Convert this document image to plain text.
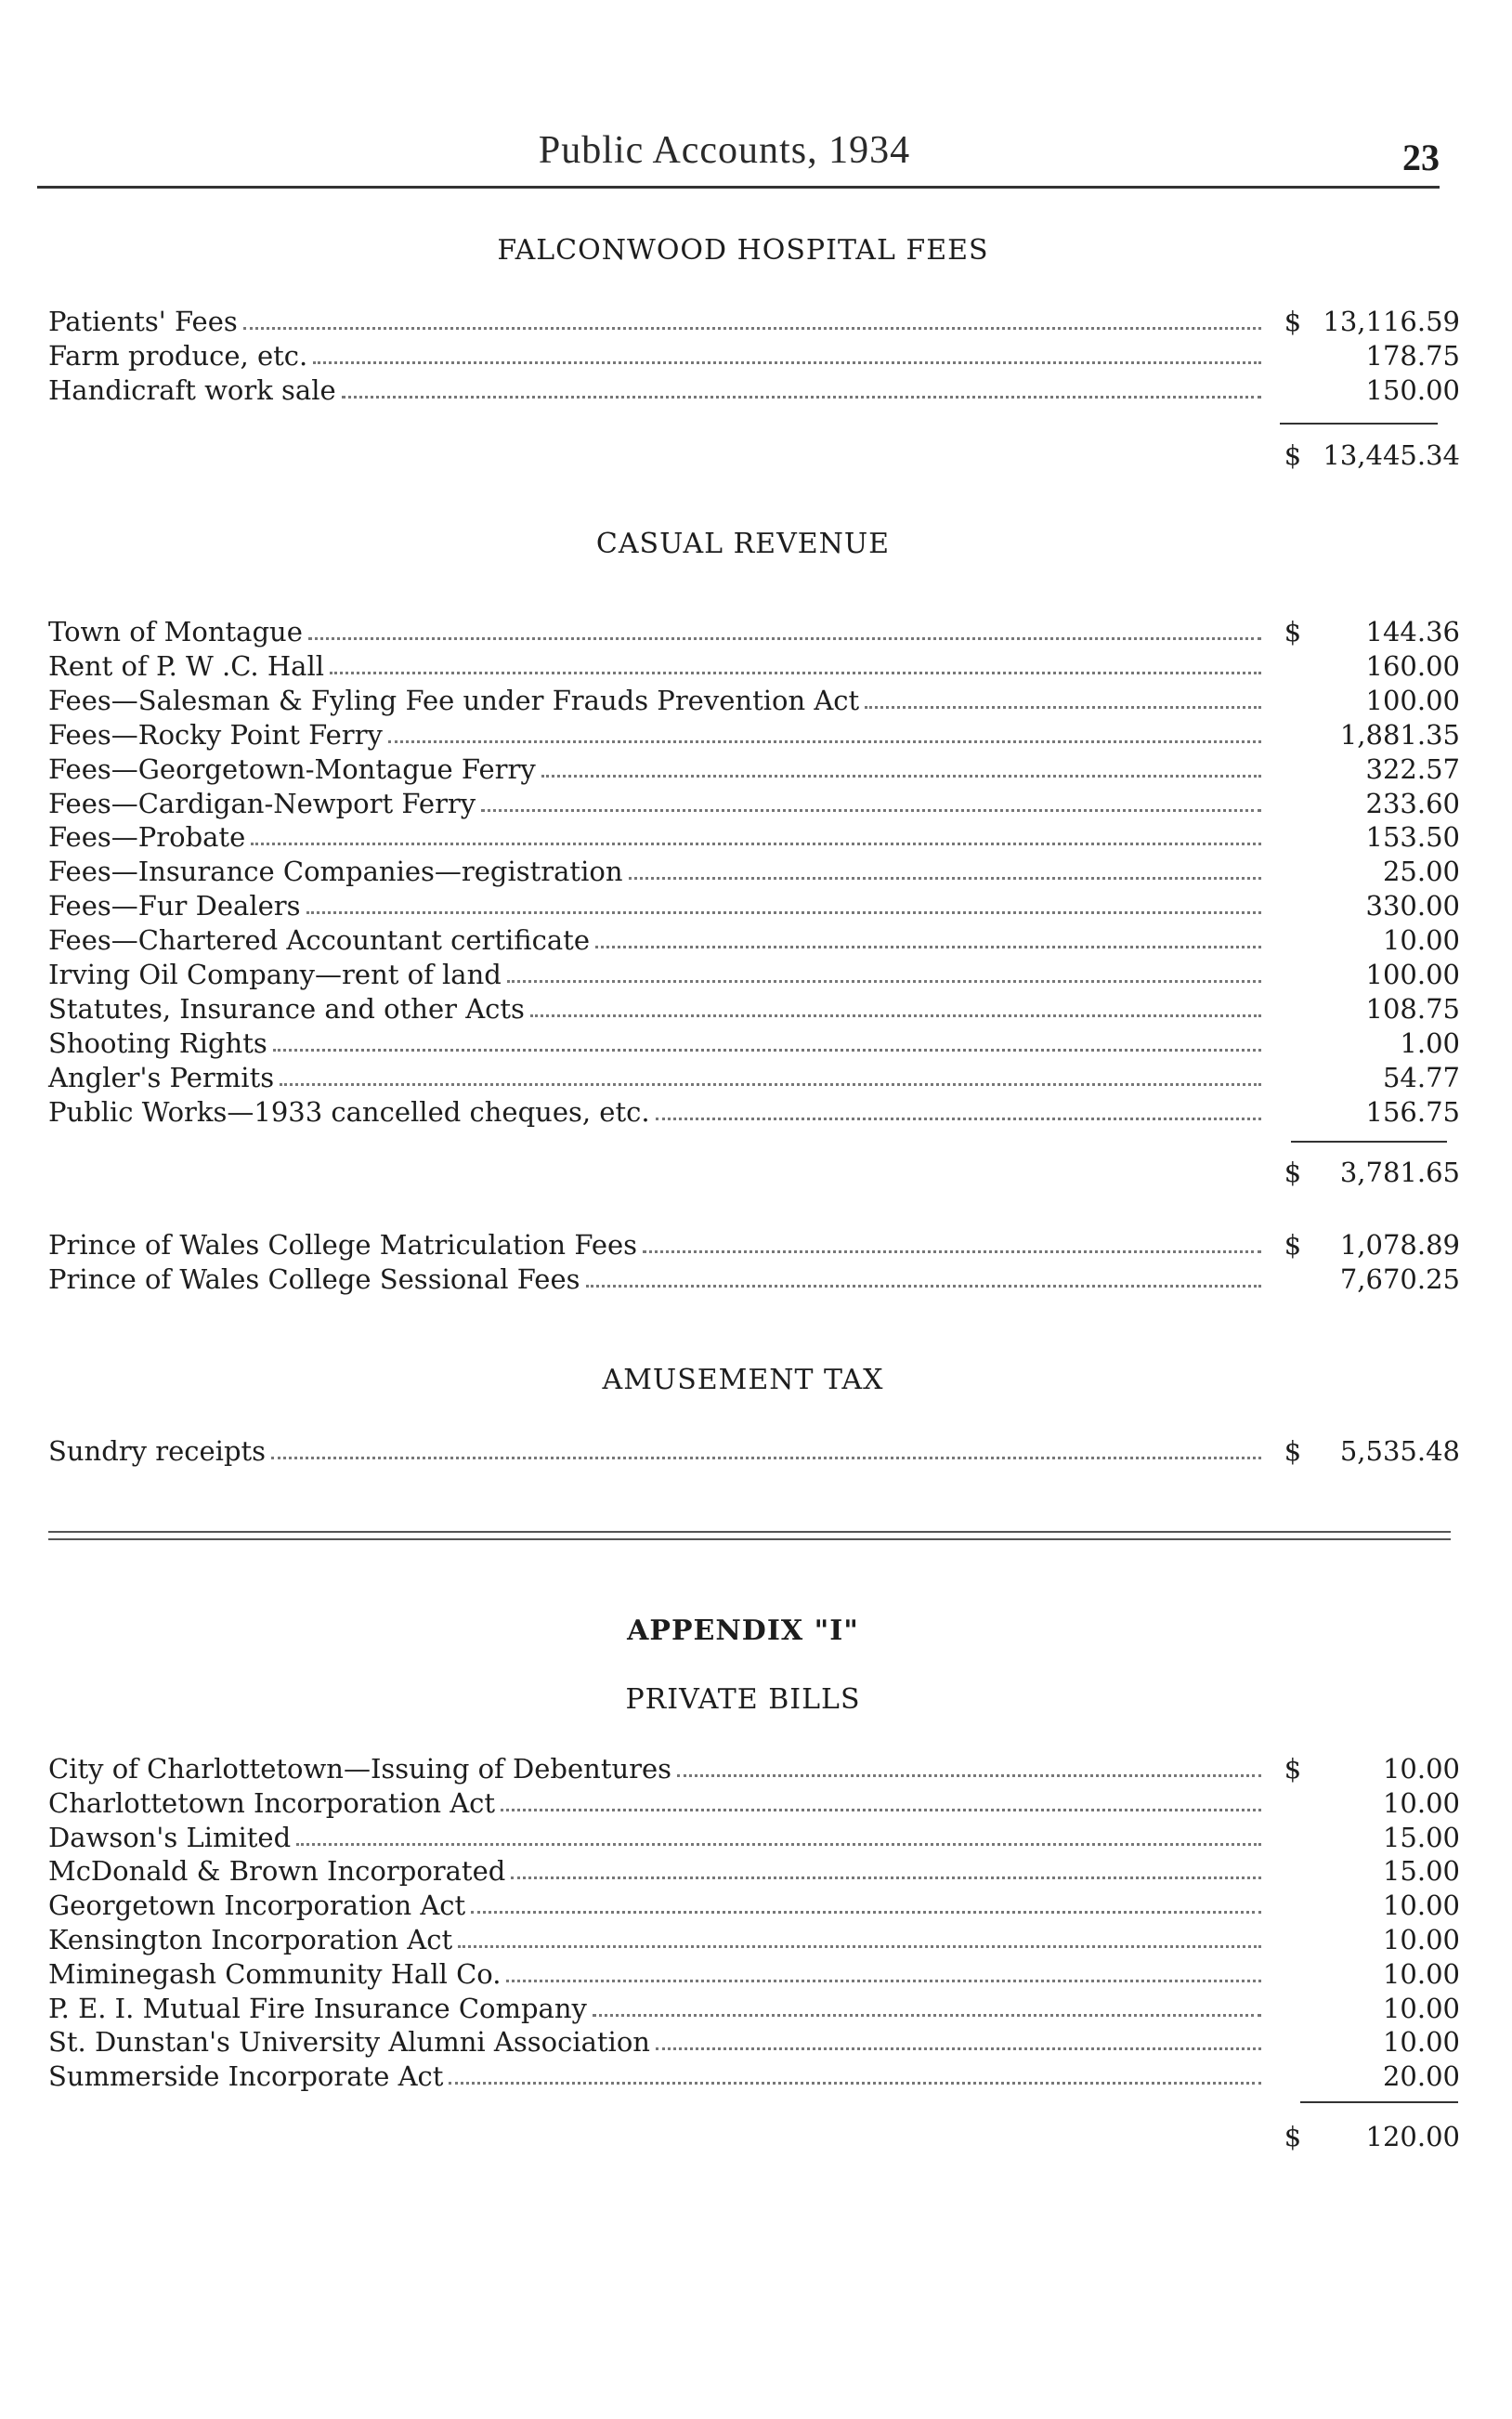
Public Accounts, 1934	23
FALCONWOOD HOSPITAL FEES
Patients' Fees	$ 13,116.59
Farm produce, etc.	178.75
Handicraft work sale	150.00
$ 13,445.34
CASUAL REVENUE
Town of Montague	$	144.36
Rent of P. W .C. Hall	160.00
Fees—Salesman & Fyling Fee under Frauds Prevention Act	100.00
Fees—Rocky Point Ferry	1,881.35
Fees—Georgetown-Montague Ferry	322.57
Fees—Cardigan-Newport Ferry	233.60
Fees—Probate	153.50
Fees—Insurance Companies—registration	25.00
Fees—Fur Dealers	330.00
Fees—Chartered Accountant certificate	10.00
Irving Oil Company—rent of land	100.00
Statutes, Insurance and other Acts	108.75
Shooting Rights	1.00
Angler's Permits	54.77
Public Works—1933 cancelled cheques, etc.	156.75
$	3,781.65
Prince of Wales College Matriculation Fees	$	1,078.89
Prince of Wales College Sessional Fees	7,670.25
AMUSEMENT TAX
Sundry receipts	$	5,535.48
APPENDIX "I"
PRIVATE BILLS
City of Charlottetown—Issuing of Debentures	$	10.00
Charlottetown Incorporation Act	10.00
Dawson's Limited	15.00
McDonald & Brown Incorporated	15.00
Georgetown Incorporation Act	10.00
Kensington Incorporation Act	10.00
Miminegash Community Hall Co.	10.00
P. E. I. Mutual Fire Insurance Company	10.00
St. Dunstan's University Alumni Association	10.00
Summerside Incorporate Act	20.00
$	120.00
